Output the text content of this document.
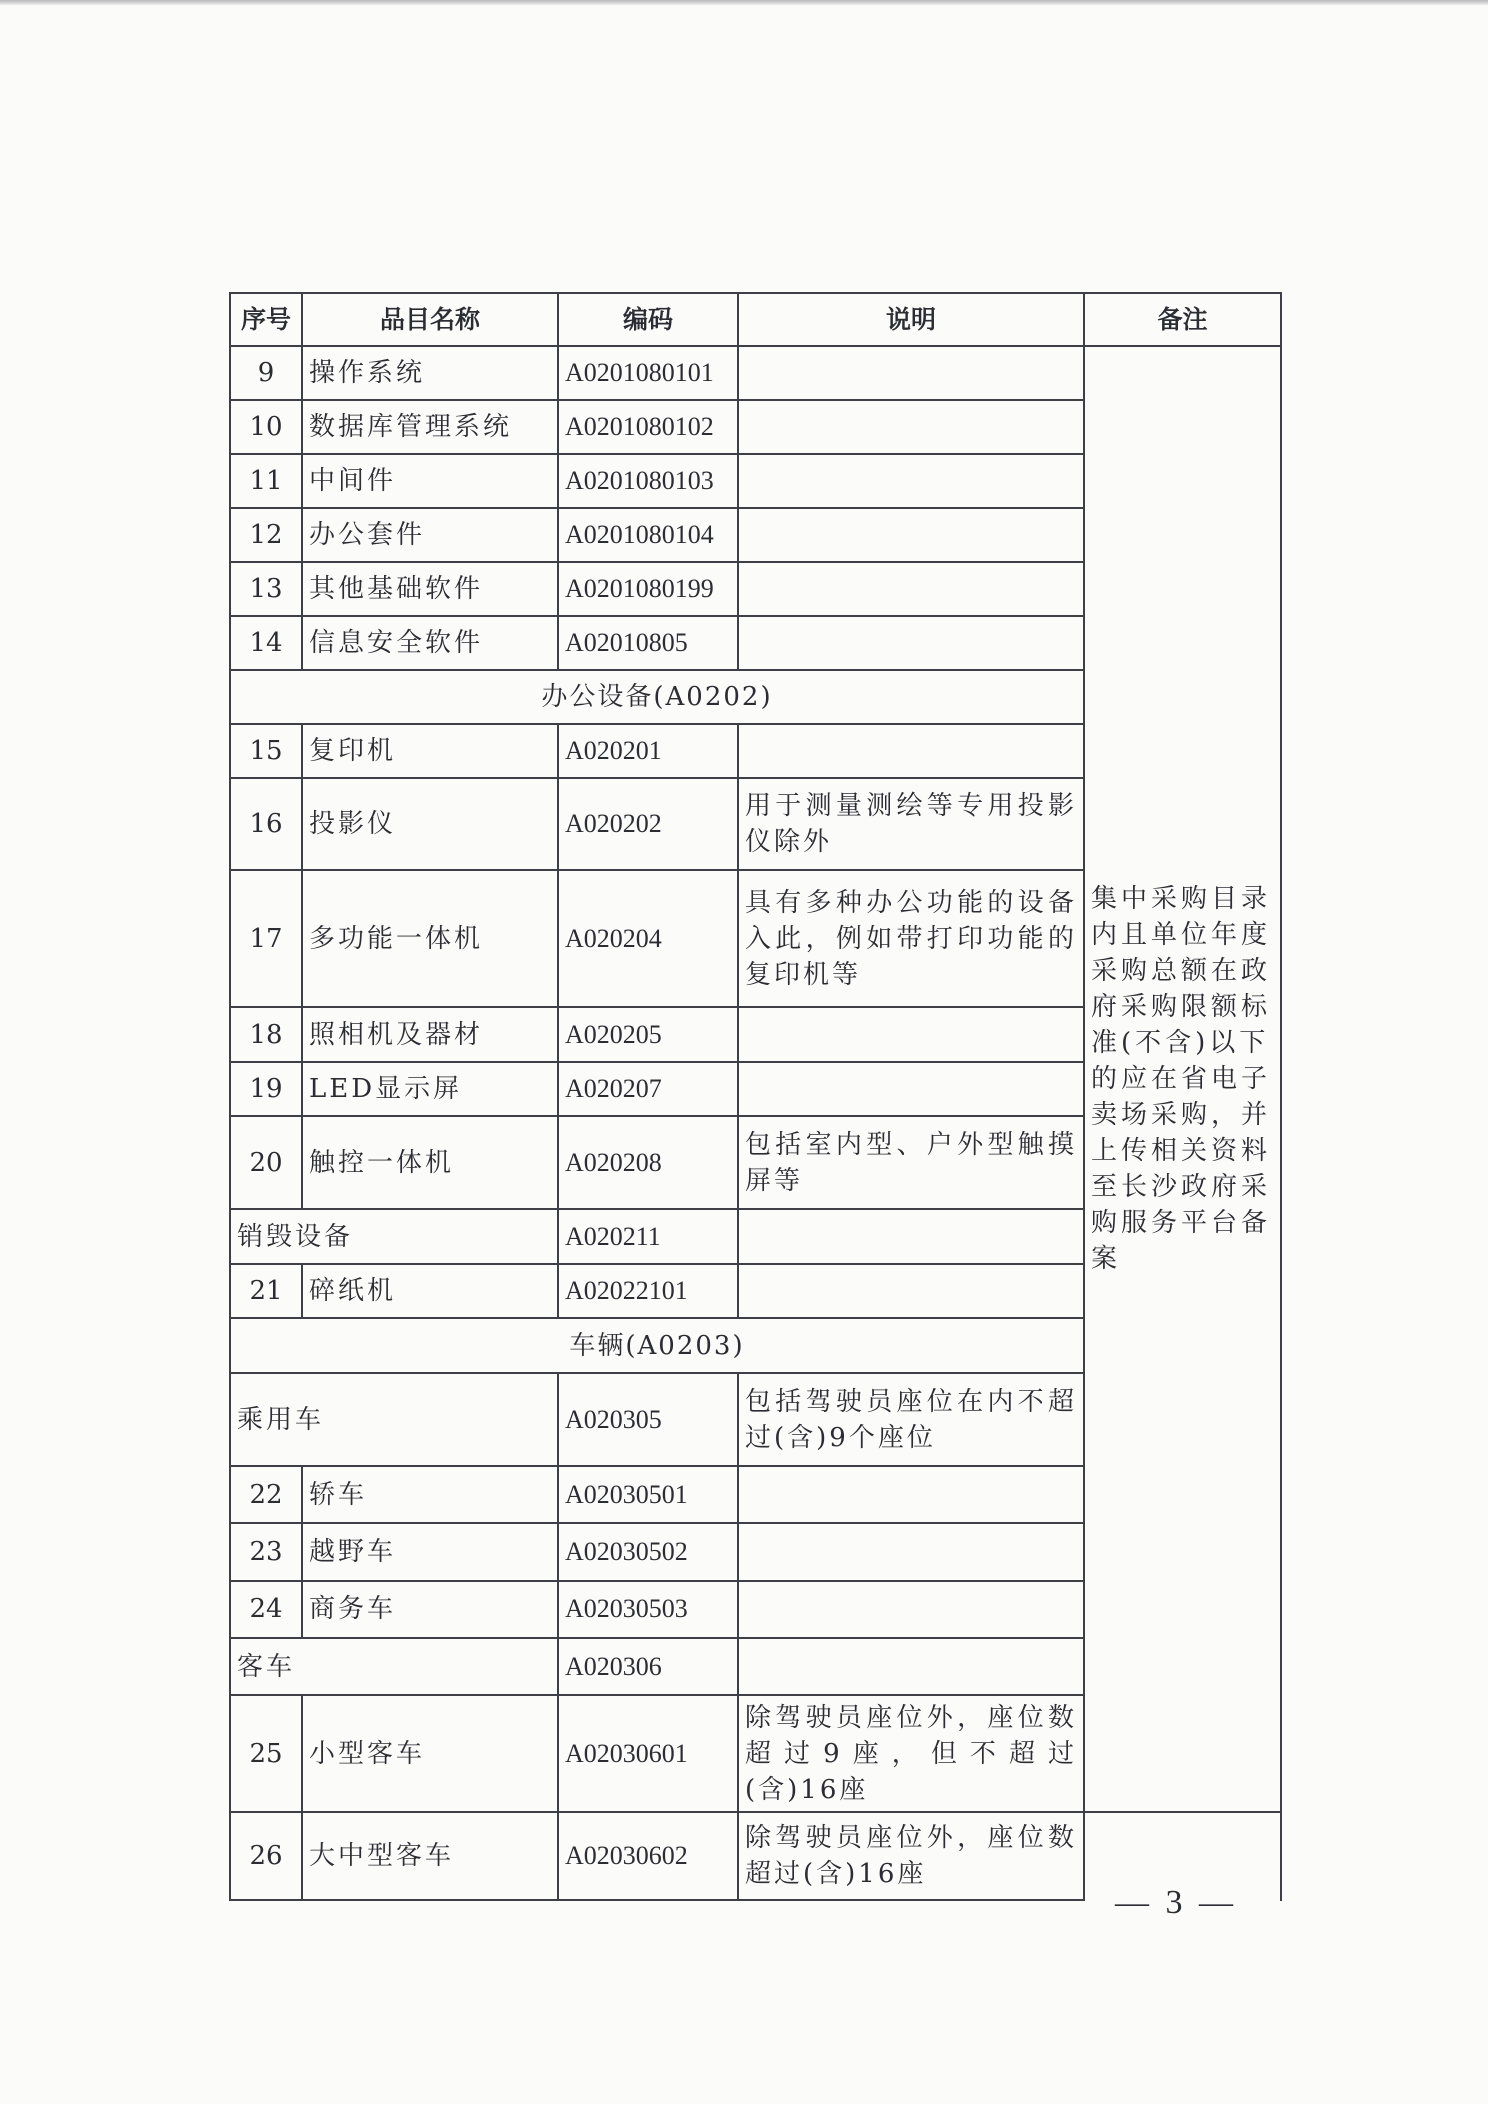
序号	品目名称	编码	说明	备注	
9	操作系统	A0201080101		集中采购目录内且单位年度采购总额在政府采购限额标准(不含)以下的应在省电子卖场采购，并上传相关资料至长沙政府采购服务平台备案	
10	数据库管理系统	A0201080102			
11	中间件	A0201080103			
12	办公套件	A0201080104			
13	其他基础软件	A0201080199			
14	信息安全软件	A02010805			
办公设备(A0202)					
15	复印机	A020201			
16	投影仪	A020202	用于测量测绘等专用投影仪除外		
17	多功能一体机	A020204	具有多种办公功能的设备入此，例如带打印功能的复印机等		
18	照相机及器材	A020205			
19	LED显示屏	A020207			
20	触控一体机	A020208	包括室内型、户外型触摸屏等		
销毁设备		A020211			
21	碎纸机	A02022101			
车辆(A0203)					
乘用车		A020305	包括驾驶员座位在内不超过(含)9个座位		
22	轿车	A02030501		
23	越野车	A02030502			
24	商务车	A02030503			
客车		A020306			
25	小型客车	A02030601	除驾驶员座位外，座位数超过9座，但不超过(含)16座		
26	大中型客车	A02030602	除驾驶员座位外，座位数超过(含)16座		
— 3 —
